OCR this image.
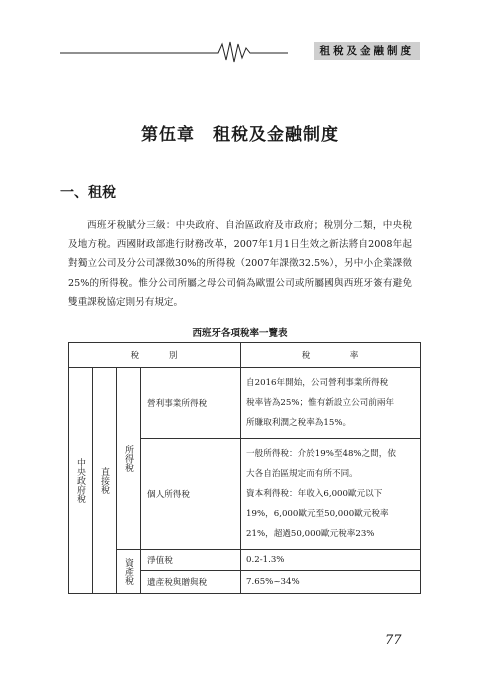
租稅及金融制度
第伍章　租稅及金融制度
一、租稅

西班牙稅賦分三級：中央政府、自治區政府及市政府；稅別分二類，中央稅及地方稅。西國財政部進行財務改革，2007年1月1日生效之新法將自2008年起對獨立公司及分公司課徵30%的所得稅（2007年課徵32.5%），另中小企業課徵25%的所得稅。惟分公司所屬之母公司倘為歐盟公司或所屬國與西班牙簽有避免雙重課稅協定則另有規定。

西班牙各項稅率一覽表
稅　　　別				稅　　　　率
中央政府稅	直接稅	所得稅	營利事業所得稅	自2016年開始，公司營利事業所得稅
稅率皆為25%；惟有新設立公司前兩年
所賺取利潤之稅率為15%。

			個人所得稅	一般所得稅：介於19%至48%之間，依
大各自治區規定而有所不同。
資本利得稅：年收入6,000歐元以下
19%，6,000歐元至50,000歐元稅率
21%，超過50,000歐元稅率23%

		資產稅	淨值稅	0.2-1.3%
			遺產稅與贈與稅	7.65%~34%
77
